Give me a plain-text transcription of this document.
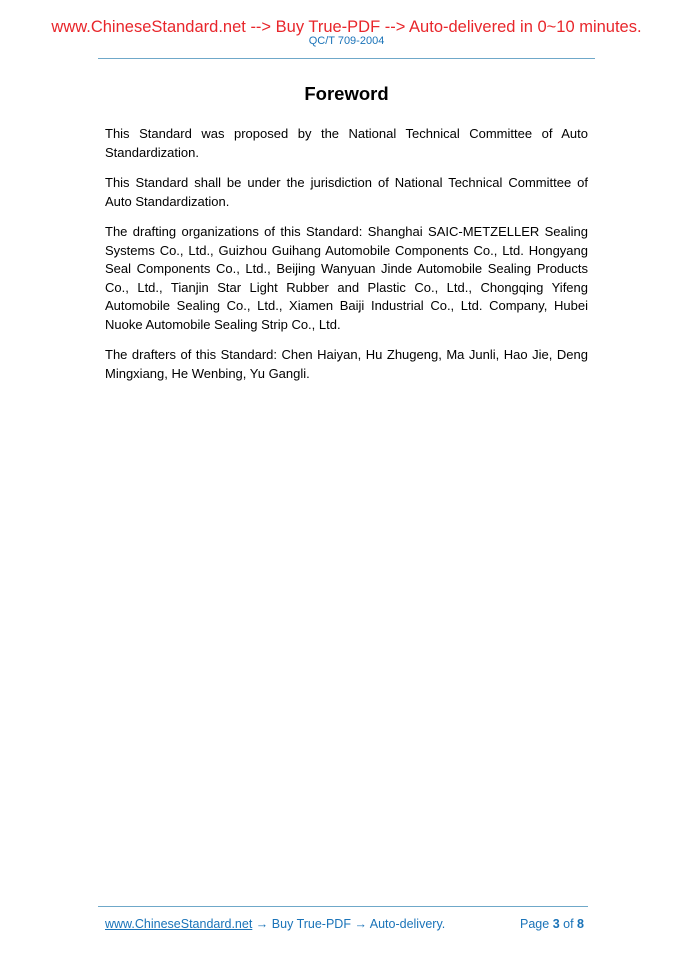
www.ChineseStandard.net --> Buy True-PDF --> Auto-delivered in 0~10 minutes.
QC/T 709-2004
Foreword

This Standard was proposed by the National Technical Committee of Auto Standardization.

This Standard shall be under the jurisdiction of National Technical Committee of Auto Standardization.

The drafting organizations of this Standard: Shanghai SAIC-METZELLER Sealing Systems Co., Ltd., Guizhou Guihang Automobile Components Co., Ltd. Hongyang Seal Components Co., Ltd., Beijing Wanyuan Jinde Automobile Sealing Products Co., Ltd., Tianjin Star Light Rubber and Plastic Co., Ltd., Chongqing Yifeng Automobile Sealing Co., Ltd., Xiamen Baiji Industrial Co., Ltd. Company, Hubei Nuoke Automobile Sealing Strip Co., Ltd.

The drafters of this Standard: Chen Haiyan, Hu Zhugeng, Ma Junli, Hao Jie, Deng Mingxiang, He Wenbing, Yu Gangli.

www.ChineseStandard.net → Buy True-PDF → Auto-delivery.	Page 3 of 8
